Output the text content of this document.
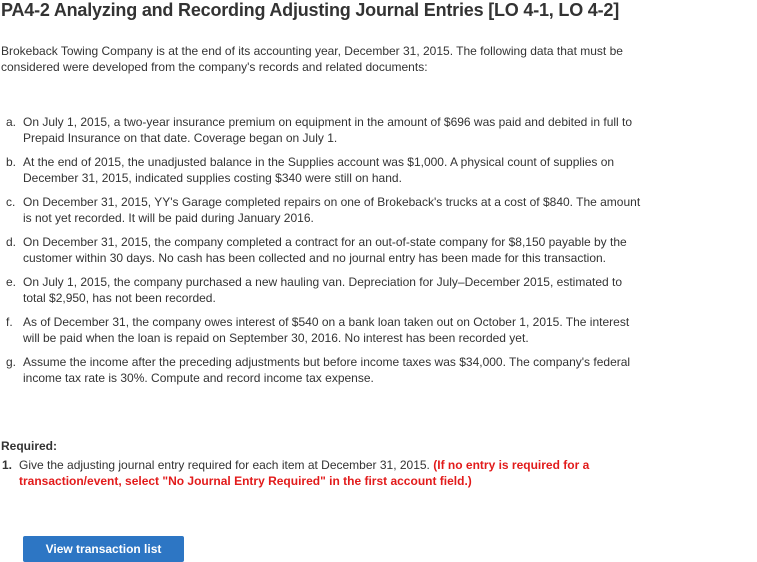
PA4-2 Analyzing and Recording Adjusting Journal Entries [LO 4-1, LO 4-2]
Brokeback Towing Company is at the end of its accounting year, December 31, 2015. The following data that must be considered were developed from the company's records and related documents:
a. On July 1, 2015, a two-year insurance premium on equipment in the amount of $696 was paid and debited in full to Prepaid Insurance on that date. Coverage began on July 1.
b. At the end of 2015, the unadjusted balance in the Supplies account was $1,000. A physical count of supplies on December 31, 2015, indicated supplies costing $340 were still on hand.
c. On December 31, 2015, YY's Garage completed repairs on one of Brokeback's trucks at a cost of $840. The amount is not yet recorded. It will be paid during January 2016.
d. On December 31, 2015, the company completed a contract for an out-of-state company for $8,150 payable by the customer within 30 days. No cash has been collected and no journal entry has been made for this transaction.
e. On July 1, 2015, the company purchased a new hauling van. Depreciation for July–December 2015, estimated to total $2,950, has not been recorded.
f. As of December 31, the company owes interest of $540 on a bank loan taken out on October 1, 2015. The interest will be paid when the loan is repaid on September 30, 2016. No interest has been recorded yet.
g. Assume the income after the preceding adjustments but before income taxes was $34,000. The company's federal income tax rate is 30%. Compute and record income tax expense.
Required:
1. Give the adjusting journal entry required for each item at December 31, 2015. (If no entry is required for a transaction/event, select "No Journal Entry Required" in the first account field.)
View transaction list
